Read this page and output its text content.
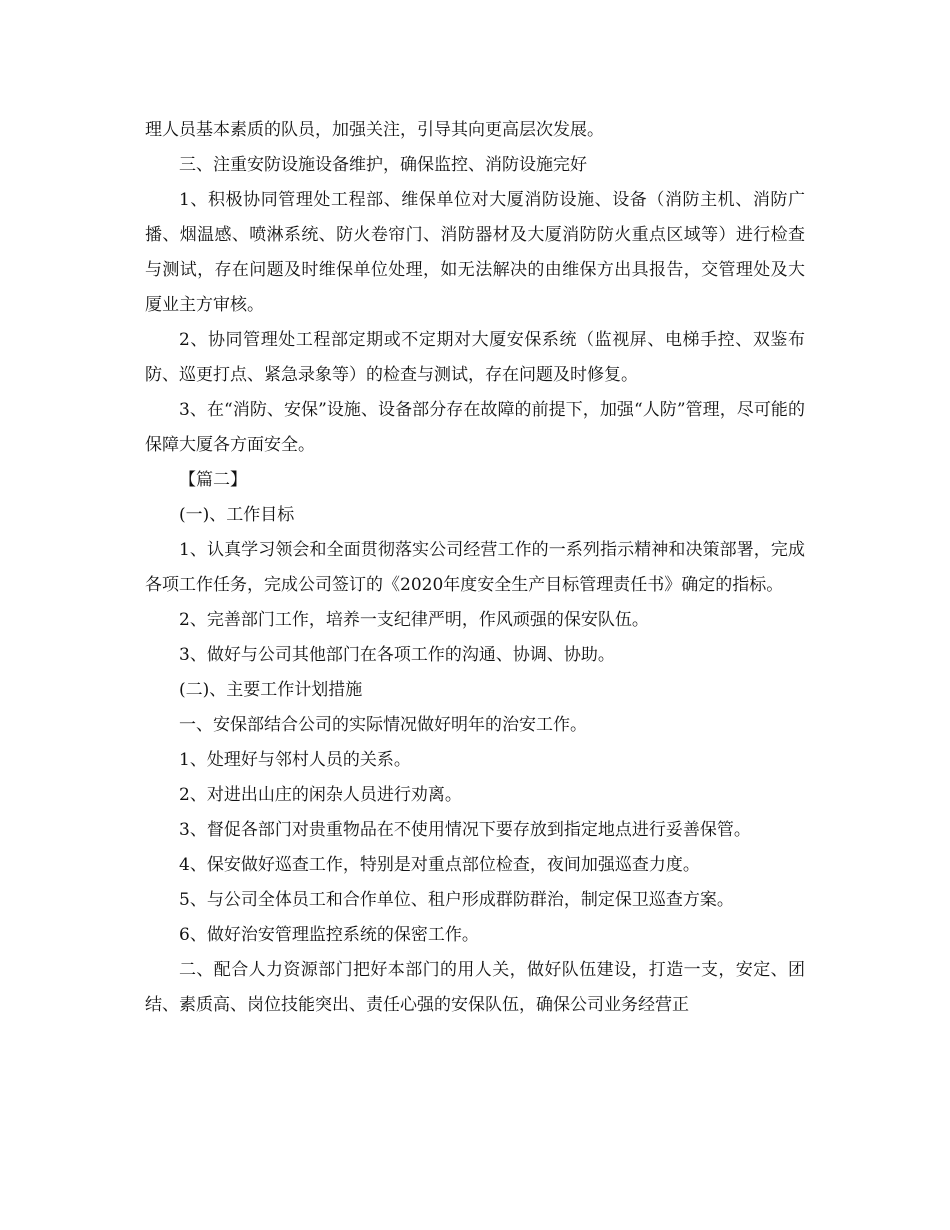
理人员基本素质的队员，加强关注，引导其向更高层次发展。

三、注重安防设施设备维护，确保监控、消防设施完好

1、积极协同管理处工程部、维保单位对大厦消防设施、设备（消防主机、消防广播、烟温感、喷淋系统、防火卷帘门、消防器材及大厦消防防火重点区域等）进行检查与测试，存在问题及时维保单位处理，如无法解决的由维保方出具报告，交管理处及大厦业主方审核。

2、协同管理处工程部定期或不定期对大厦安保系统（监视屏、电梯手控、双鉴布防、巡更打点、紧急录象等）的检查与测试，存在问题及时修复。

3、在“消防、安保”设施、设备部分存在故障的前提下，加强“人防”管理，尽可能的保障大厦各方面安全。

【篇二】

(一)、工作目标

1、认真学习领会和全面贯彻落实公司经营工作的一系列指示精神和决策部署，完成各项工作任务，完成公司签订的《2020年度安全生产目标管理责任书》确定的指标。

2、完善部门工作，培养一支纪律严明，作风顽强的保安队伍。

3、做好与公司其他部门在各项工作的沟通、协调、协助。

(二)、主要工作计划措施

一、安保部结合公司的实际情况做好明年的治安工作。

1、处理好与邻村人员的关系。

2、对进出山庄的闲杂人员进行劝离。

3、督促各部门对贵重物品在不使用情况下要存放到指定地点进行妥善保管。

4、保安做好巡查工作，特别是对重点部位检查，夜间加强巡查力度。

5、与公司全体员工和合作单位、租户形成群防群治，制定保卫巡查方案。

6、做好治安管理监控系统的保密工作。

二、配合人力资源部门把好本部门的用人关，做好队伍建设，打造一支，安定、团结、素质高、岗位技能突出、责任心强的安保队伍，确保公司业务经营正
